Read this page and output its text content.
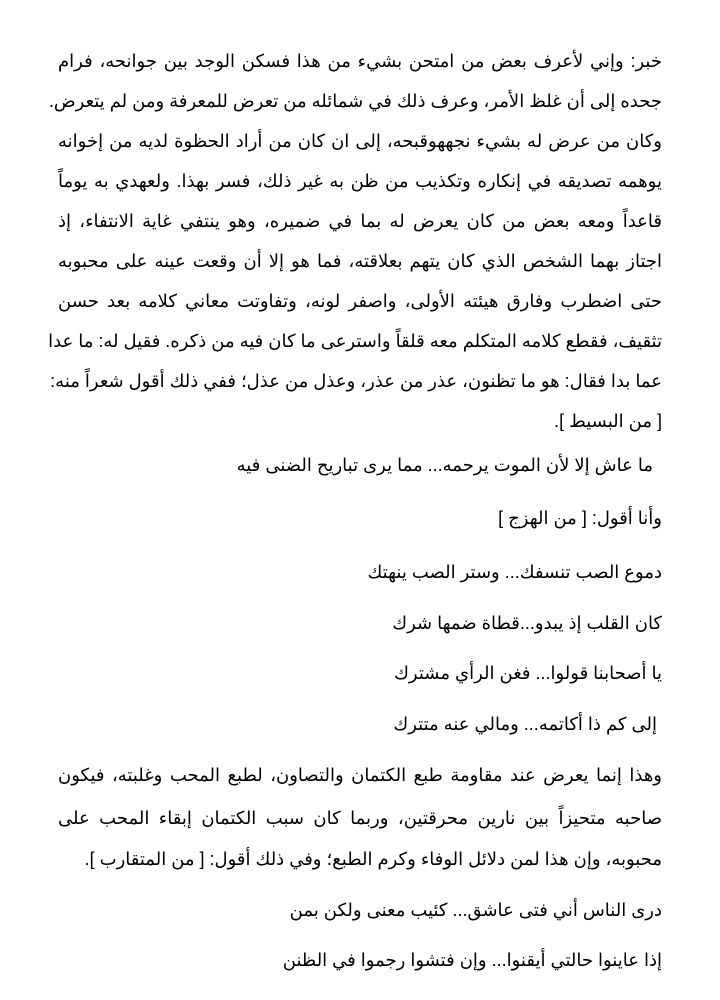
خبر: وإني لأعرف بعض من امتحن بشيء من هذا فسكن الوجد بين جوانحه، فرام
جحده إلى أن غلظ الأمر، وعرف ذلك في شمائله من تعرض للمعرفة ومن لم يتعرض.
وكان من عرض له بشيء نجههوقبحه، إلى ان كان من أراد الحظوة لديه من إخوانه
يوهمه تصديقه في إنكاره وتكذيب من ظن به غير ذلك، فسر بهذا. ولعهدي به يوماً
قاعداً ومعه بعض من كان يعرض له بما في ضميره، وهو ينتفي غاية الانتفاء، إذ
اجتاز بهما الشخص الذي كان يتهم بعلاقته، فما هو إلا أن وقعت عينه على محبوبه
حتى اضطرب وفارق هيئته الأولى، واصفر لونه، وتفاوتت معاني كلامه بعد حسن
تثقيف، فقطع كلامه المتكلم معه قلقاً واسترعى ما كان فيه من ذكره. فقيل له: ما عدا
عما بدا فقال: هو ما تظنون، عذر من عذر، وعذل من عذل؛ ففي ذلك أقول شعراً منه:
[ من البسيط ].
ما عاش إلا لأن الموت يرحمه... مما يرى تباريح الضنى فيه
وأنا أقول: [ من الهزج ]
دموع الصب تنسفك... وستر الصب ينهتك
كان القلب إذ يبدو...قطاة ضمها شرك
يا أصحابنا قولوا... فغن الرأي مشترك
إلى كم ذا أكاتمه... ومالي عنه متترك
وهذا إنما يعرض عند مقاومة طبع الكتمان والتصاون، لطبع المحب وغلبته، فيكون
صاحبه متحيزاً بين نارين محرقتين، وربما كان سبب الكتمان إبقاء المحب على
محبوبه، وإن هذا لمن دلائل الوفاء وكرم الطبع؛ وفي ذلك أقول: [ من المتقارب ].
درى الناس أني فتى عاشق... كئيب معنى ولكن بمن
إذا عاينوا حالتي أيقنوا... وإن فتشوا رجموا في الظنن
